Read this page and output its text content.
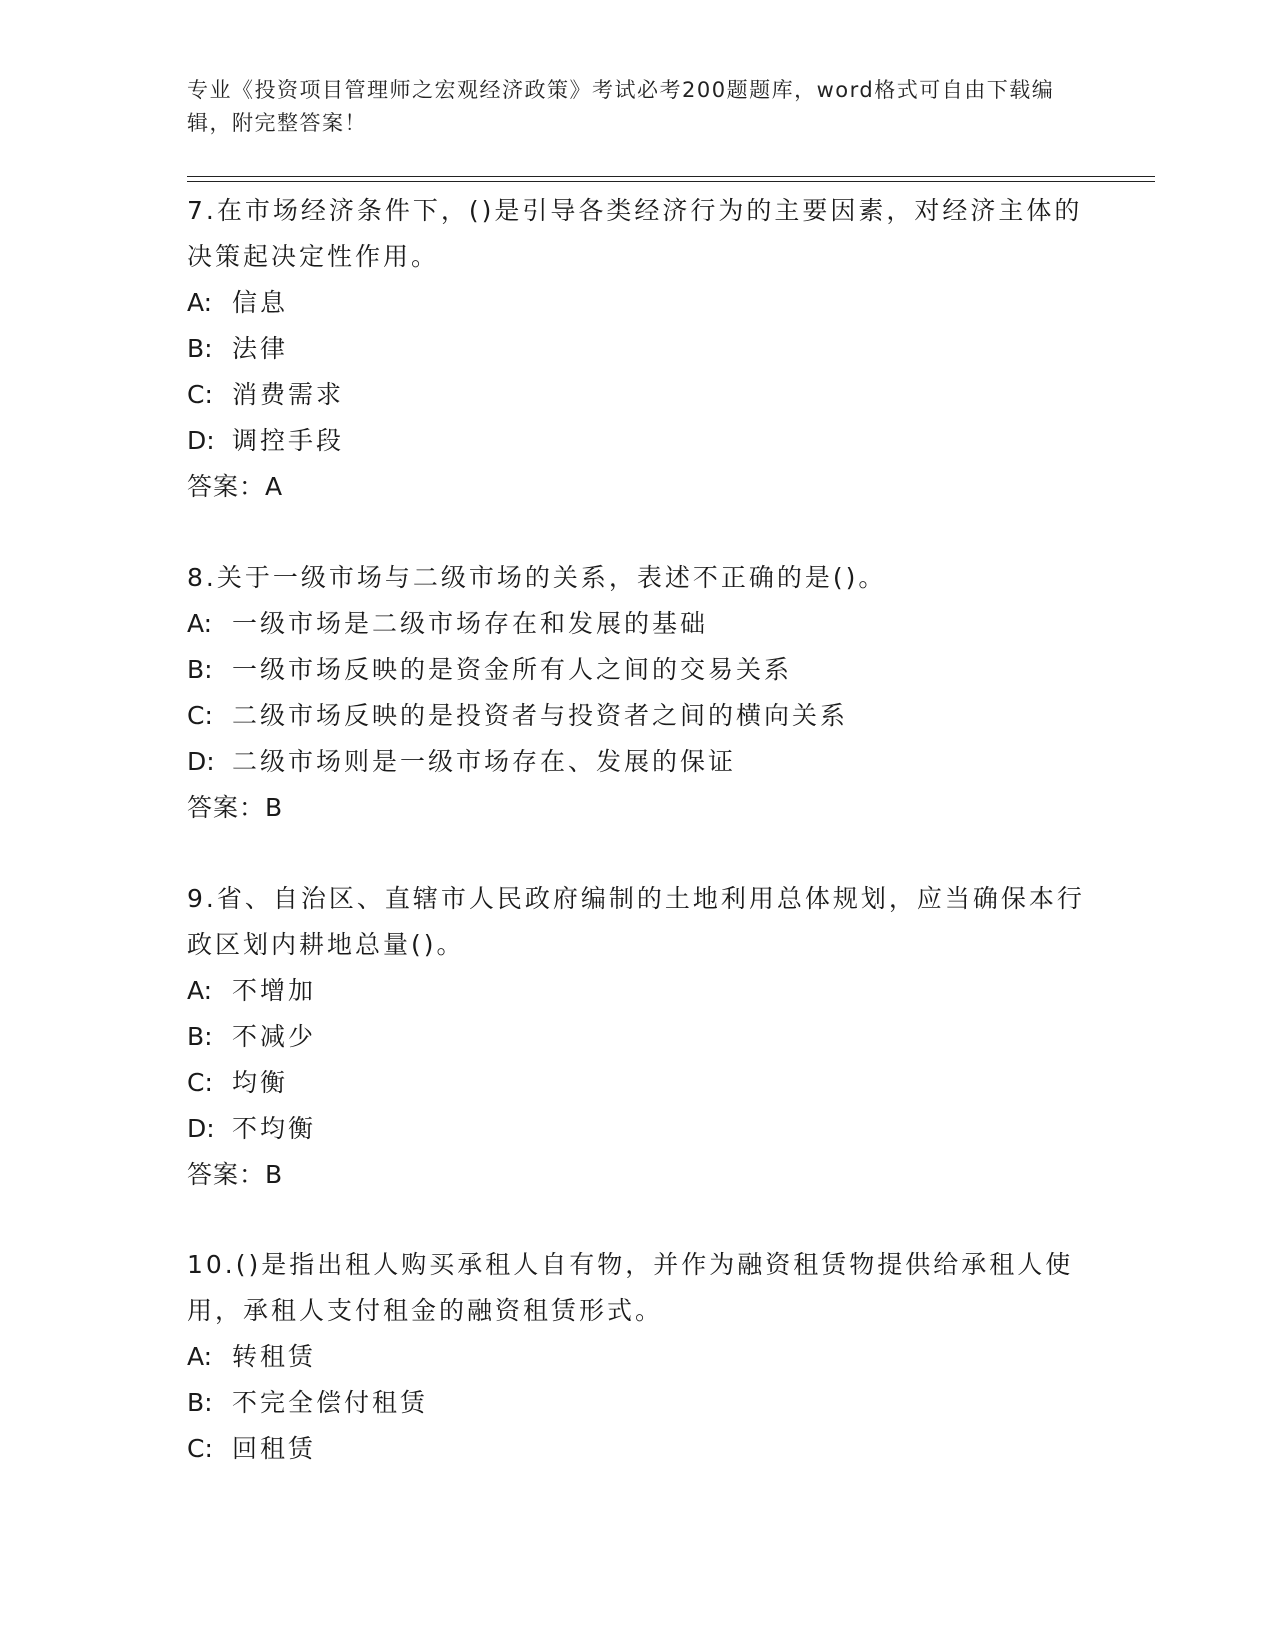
专业《投资项目管理师之宏观经济政策》考试必考200题题库，word格式可自由下载编辑，附完整答案！

7.在市场经济条件下，()是引导各类经济行为的主要因素，对经济主体的决策起决定性作用。

A: 信息

B: 法律

C: 消费需求

D: 调控手段

答案：A

8.关于一级市场与二级市场的关系，表述不正确的是()。

A: 一级市场是二级市场存在和发展的基础

B: 一级市场反映的是资金所有人之间的交易关系

C: 二级市场反映的是投资者与投资者之间的横向关系

D: 二级市场则是一级市场存在、发展的保证

答案：B

9.省、自治区、直辖市人民政府编制的土地利用总体规划，应当确保本行政区划内耕地总量()。

A: 不增加

B: 不减少

C: 均衡

D: 不均衡

答案：B

10.()是指出租人购买承租人自有物，并作为融资租赁物提供给承租人使用，承租人支付租金的融资租赁形式。

A: 转租赁

B: 不完全偿付租赁

C: 回租赁
